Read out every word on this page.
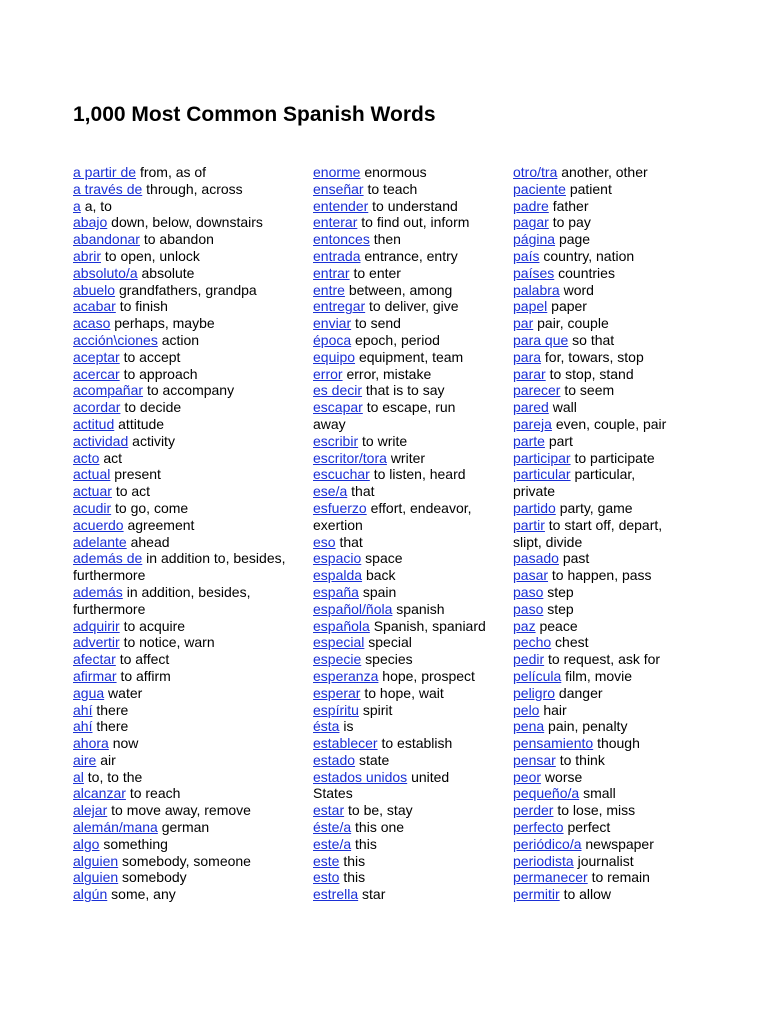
1,000 Most Common Spanish Words
a partir de from, as of
a través de through, across
a a, to
abajo down, below, downstairs
abandonar to abandon
abrir to open, unlock
absoluto/a absolute
abuelo grandfathers, grandpa
acabar to finish
acaso perhaps, maybe
acción\ciones action
aceptar to accept
acercar to approach
acompañar to accompany
acordar to decide
actitud attitude
actividad activity
acto act
actual present
actuar to act
acudir to go, come
acuerdo agreement
adelante ahead
además de in addition to, besides,
furthermore
además in addition, besides,
furthermore
adquirir to acquire
advertir to notice, warn
afectar to affect
afirmar to affirm
agua water
ahí there
ahí there
ahora now
aire air
al to, to the
alcanzar to reach
alejar to move away, remove
alemán/mana german
algo something
alguien somebody, someone
alguien somebody
algún some, any
enorme enormous
enseñar to teach
entender to understand
enterar to find out, inform
entonces then
entrada entrance, entry
entrar to enter
entre between, among
entregar to deliver, give
enviar to send
época epoch, period
equipo equipment, team
error error, mistake
es decir that is to say
escapar to escape, run
away
escribir to write
escritor/tora writer
escuchar to listen, heard
ese/a that
esfuerzo effort, endeavor,
exertion
eso that
espacio space
espalda back
españa spain
español/ñola spanish
española Spanish, spaniard
especial special
especie species
esperanza hope, prospect
esperar to hope, wait
espíritu spirit
ésta is
establecer to establish
estado state
estados unidos united
States
estar to be, stay
éste/a this one
este/a this
este this
esto this
estrella star
otro/tra another, other
paciente patient
padre father
pagar to pay
página page
país country, nation
países countries
palabra word
papel paper
par pair, couple
para que so that
para for, towars, stop
parar to stop, stand
parecer to seem
pared wall
pareja even, couple, pair
parte part
participar to participate
particular particular,
private
partido party, game
partir to start off, depart,
slipt, divide
pasado past
pasar to happen, pass
paso step
paso step
paz peace
pecho chest
pedir to request, ask for
película film, movie
peligro danger
pelo hair
pena pain, penalty
pensamiento though
pensar to think
peor worse
pequeño/a small
perder to lose, miss
perfecto perfect
periódico/a newspaper
periodista journalist
permanecer to remain
permitir to allow
